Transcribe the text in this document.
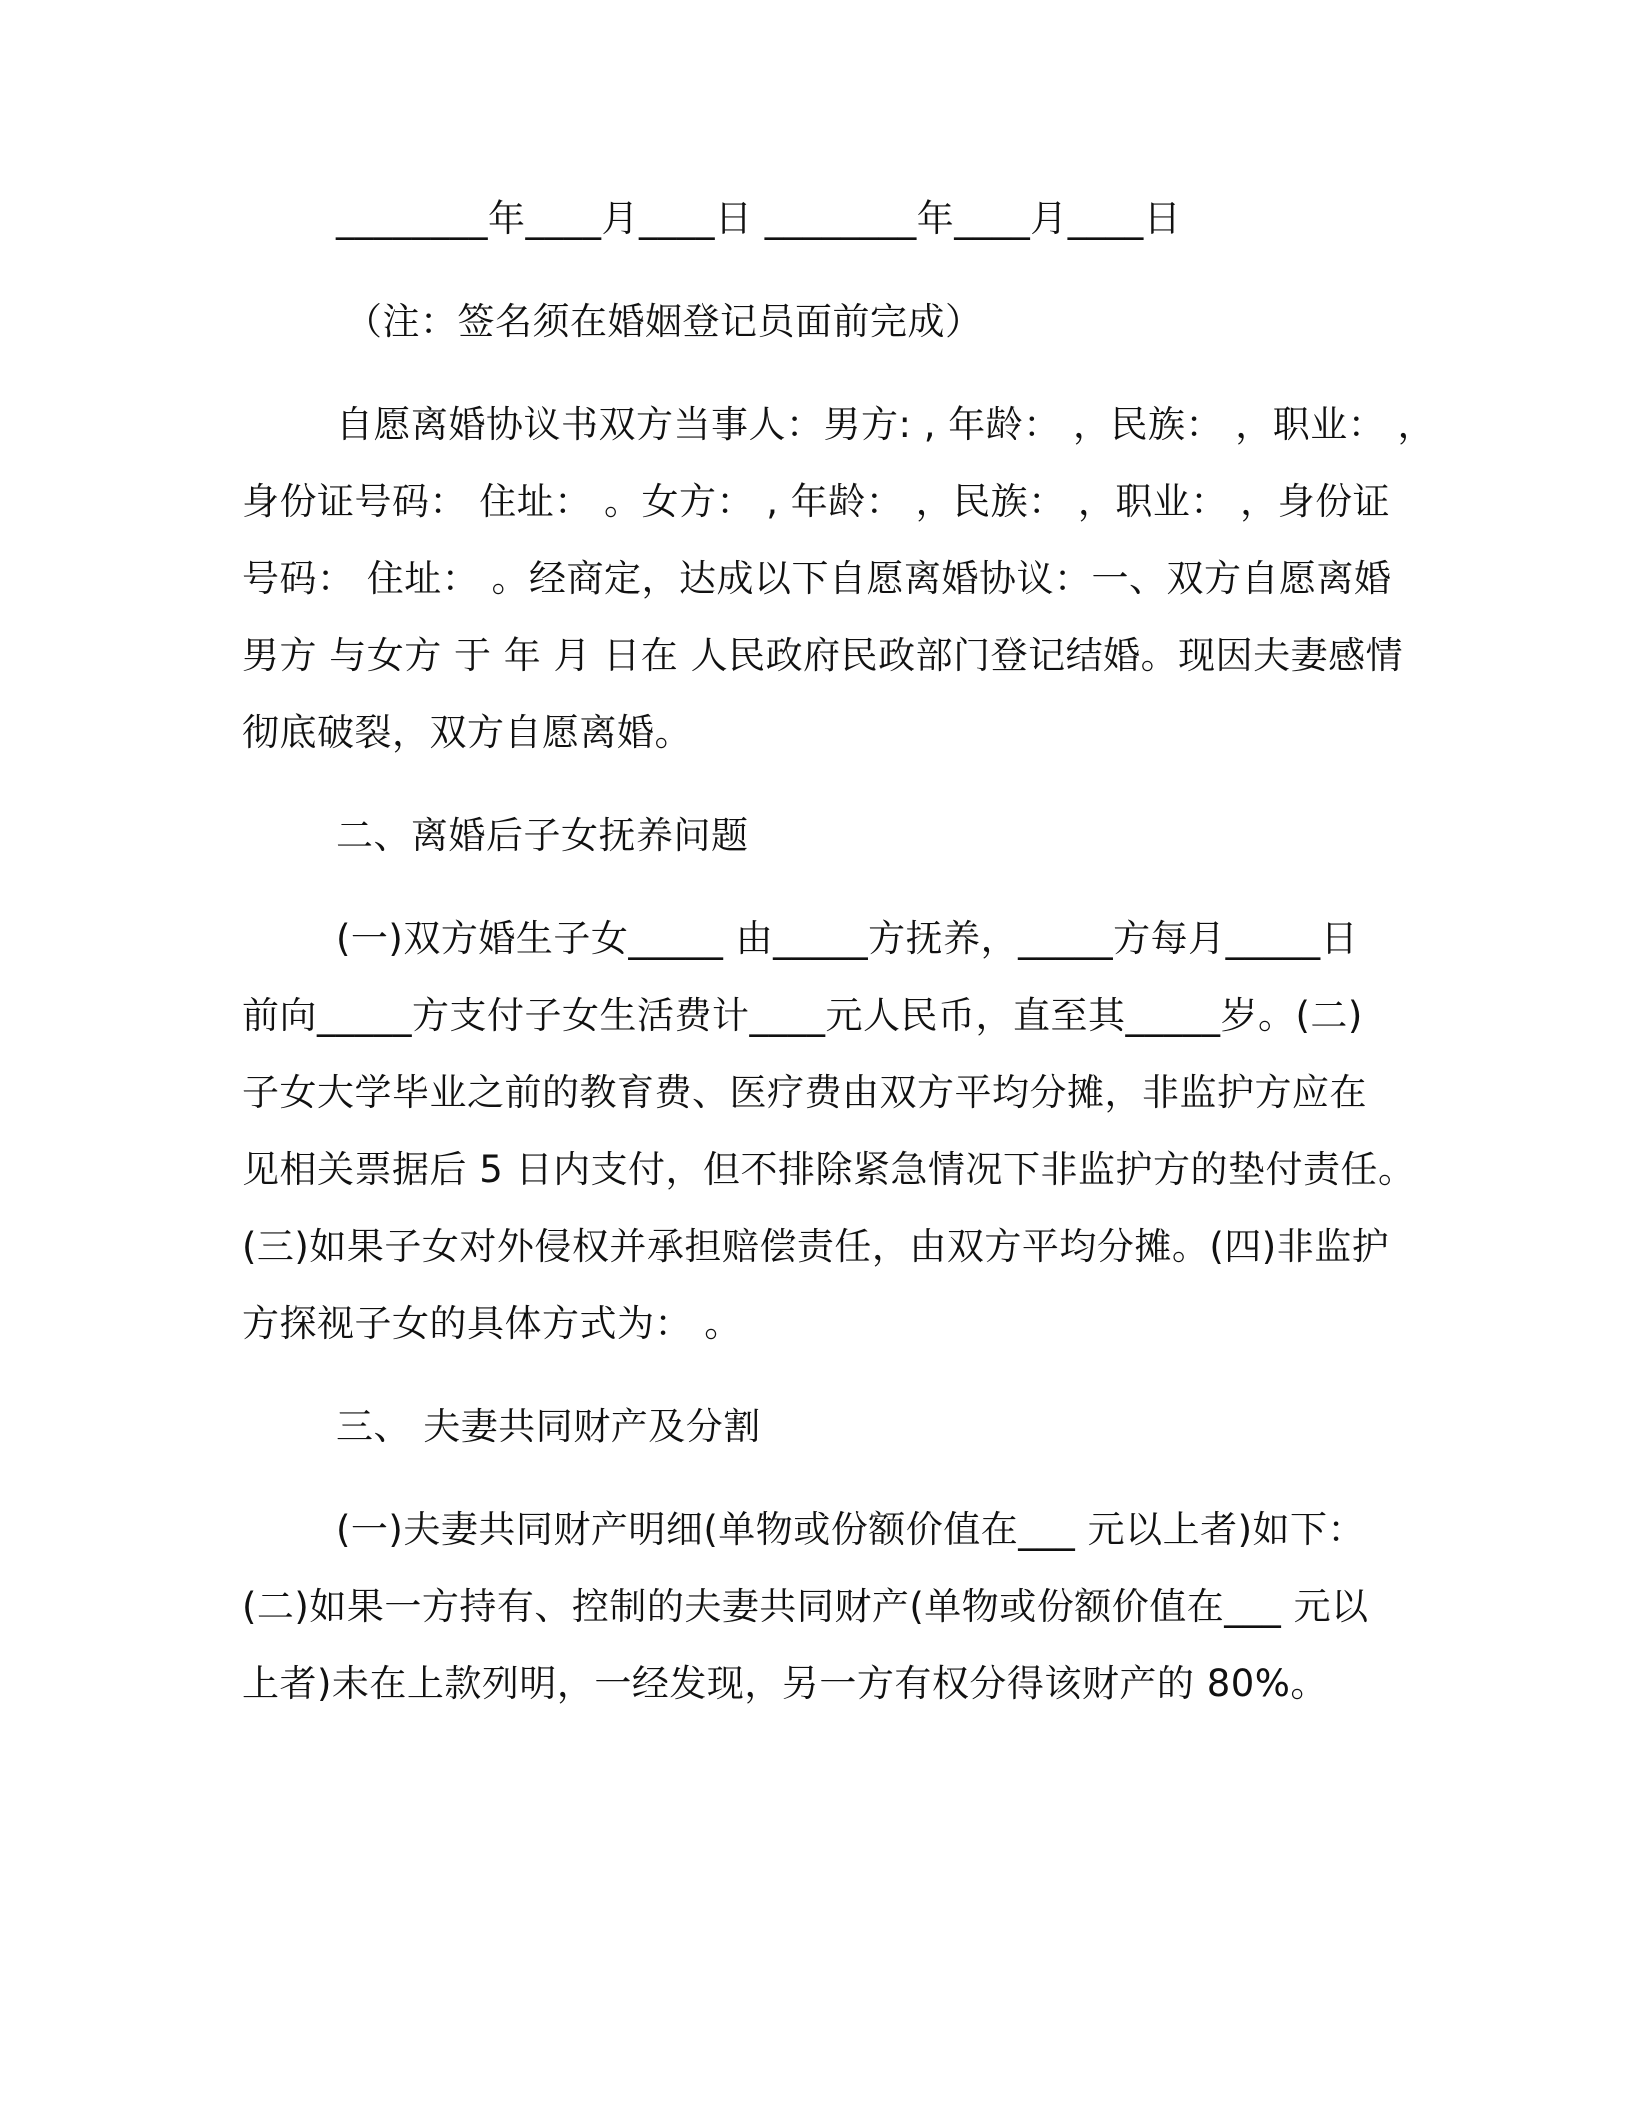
________年____月____日 ________年____月____日
（注：签名须在婚姻登记员面前完成）
自愿离婚协议书双方当事人：男方: , 年龄： ，民族： ，职业： ，
身份证号码： 住址： 。女方： , 年龄： ，民族： ，职业： ，身份证
号码： 住址： 。经商定，达成以下自愿离婚协议：一、双方自愿离婚
男方 与女方 于 年 月 日在 人民政府民政部门登记结婚。现因夫妻感情
彻底破裂，双方自愿离婚。
二、离婚后子女抚养问题
(一)双方婚生子女_____ 由_____方抚养，_____方每月_____日
前向_____方支付子女生活费计____元人民币，直至其_____岁。(二)
子女大学毕业之前的教育费、医疗费由双方平均分摊，非监护方应在
见相关票据后 5 日内支付，但不排除紧急情况下非监护方的垫付责任。
(三)如果子女对外侵权并承担赔偿责任，由双方平均分摊。(四)非监护
方探视子女的具体方式为： 。
三、 夫妻共同财产及分割
(一)夫妻共同财产明细(单物或份额价值在___ 元以上者)如下：
(二)如果一方持有、控制的夫妻共同财产(单物或份额价值在___ 元以
上者)未在上款列明，一经发现，另一方有权分得该财产的 80%。
